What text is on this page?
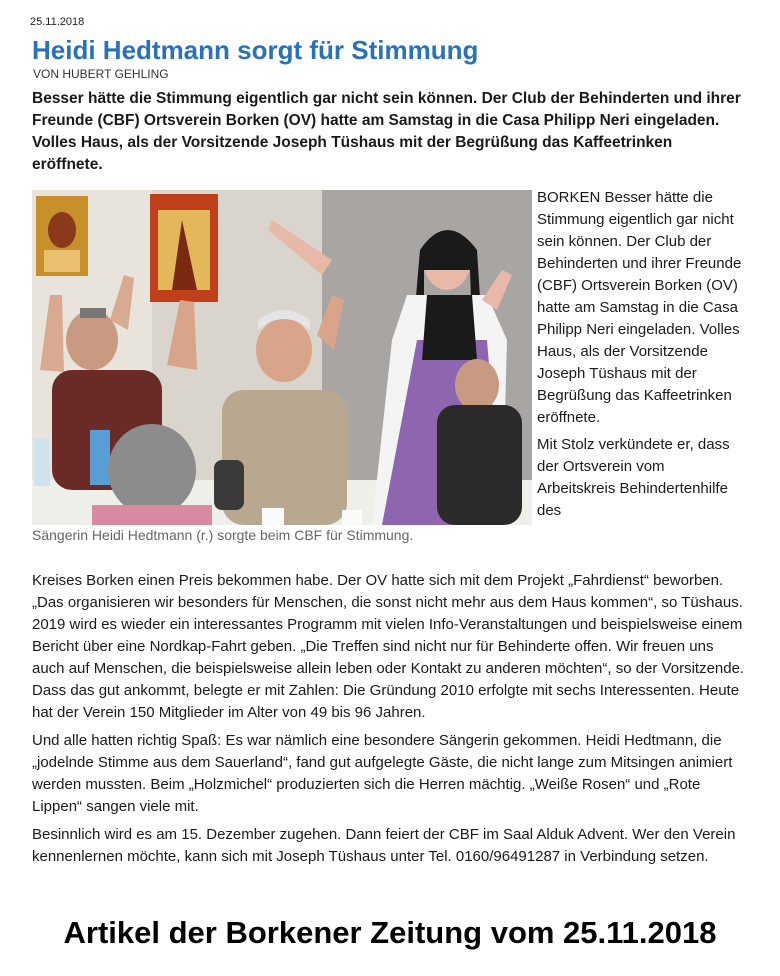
25.11.2018
Heidi Hedtmann sorgt für Stimmung
VON HUBERT GEHLING

Besser hätte die Stimmung eigentlich gar nicht sein können. Der Club der Behinderten und ihrer Freunde (CBF) Ortsverein Borken (OV) hatte am Samstag in die Casa Philipp Neri eingeladen. Volles Haus, als der Vorsitzende Joseph Tüshaus mit der Begrüßung das Kaffeetrinken eröffnete.

Sängerin Heidi Hedtmann (r.) sorgte beim CBF für Stimmung.

BORKEN Besser hätte die Stimmung eigentlich gar nicht sein können. Der Club der Behinderten und ihrer Freunde (CBF) Ortsverein Borken (OV) hatte am Samstag in die Casa Philipp Neri eingeladen. Volles Haus, als der Vorsitzende Joseph Tüshaus mit der Begrüßung das Kaffeetrinken eröffnete.

Mit Stolz verkündete er, dass der Ortsverein vom Arbeitskreis Behindertenhilfe des

Kreises Borken einen Preis bekommen habe. Der OV hatte sich mit dem Projekt „Fahrdienst“ beworben. „Das organisieren wir besonders für Menschen, die sonst nicht mehr aus dem Haus kommen“, so Tüshaus. 2019 wird es wieder ein interessantes Programm mit vielen Info-Veranstaltungen und beispielsweise einem Bericht über eine Nordkap-Fahrt geben. „Die Treffen sind nicht nur für Behinderte offen. Wir freuen uns auch auf Menschen, die beispielsweise allein leben oder Kontakt zu anderen möchten“, so der Vorsitzende. Dass das gut ankommt, belegte er mit Zahlen: Die Gründung 2010 erfolgte mit sechs Interessenten. Heute hat der Verein 150 Mitglieder im Alter von 49 bis 96 Jahren.

Und alle hatten richtig Spaß: Es war nämlich eine besondere Sängerin gekommen. Heidi Hedtmann, die „jodelnde Stimme aus dem Sauerland“, fand gut aufgelegte Gäste, die nicht lange zum Mitsingen animiert werden mussten. Beim „Holzmichel“ produzierten sich die Herren mächtig. „Weiße Rosen“ und „Rote Lippen“ sangen viele mit.

Besinnlich wird es am 15. Dezember zugehen. Dann feiert der CBF im Saal Alduk Advent. Wer den Verein kennenlernen möchte, kann sich mit Joseph Tüshaus unter Tel. 0160/96491287 in Verbindung setzen.

Artikel der Borkener Zeitung vom 25.11.2018
